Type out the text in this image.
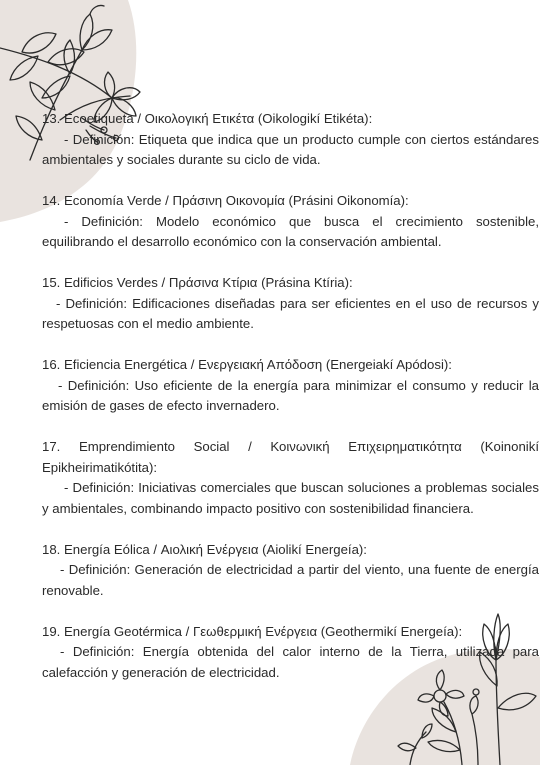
13. Ecoetiqueta / Οικολογική Ετικέτα (Oikologikí Etikéta):

- Definición: Etiqueta que indica que un producto cumple con ciertos estándares ambientales y sociales durante su ciclo de vida.

14. Economía Verde / Πράσινη Οικονομία (Prásini Oikonomía):

- Definición: Modelo económico que busca el crecimiento sostenible, equilibrando el desarrollo económico con la conservación ambiental.

15. Edificios Verdes / Πράσινα Κτίρια (Prásina Ktíria):

- Definición: Edificaciones diseñadas para ser eficientes en el uso de recursos y respetuosas con el medio ambiente.

16. Eficiencia Energética / Ενεργειακή Απόδοση (Energeiakí Apódosi):

- Definición: Uso eficiente de la energía para minimizar el consumo y reducir la emisión de gases de efecto invernadero.

17. Emprendimiento Social / Κοινωνική Επιχειρηματικότητα (Koinonikí Epikheirimatikótita):

- Definición: Iniciativas comerciales que buscan soluciones a problemas sociales y ambientales, combinando impacto positivo con sostenibilidad financiera.

18. Energía Eólica / Αιολική Ενέργεια (Aiolikí Energeía):

- Definición: Generación de electricidad a partir del viento, una fuente de energía renovable.

19. Energía Geotérmica / Γεωθερμική Ενέργεια (Geothermikí Energeía):

- Definición: Energía obtenida del calor interno de la Tierra, utilizada para calefacción y generación de electricidad.
